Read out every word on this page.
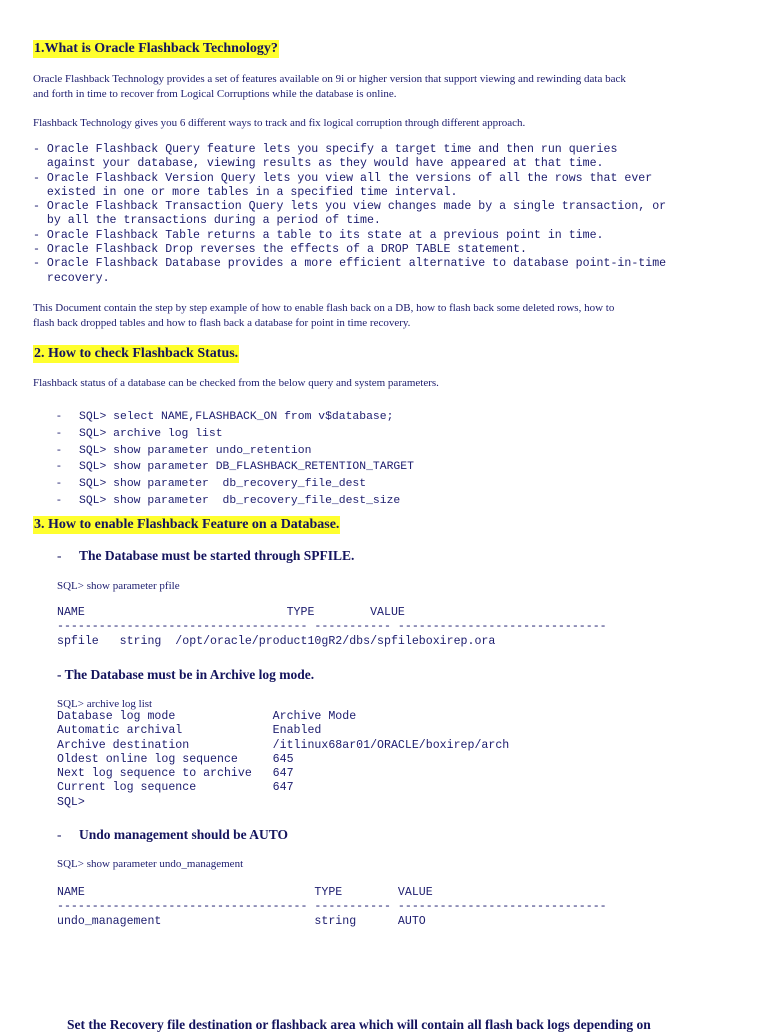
1.What is Oracle Flashback Technology?
Oracle Flashback Technology provides a set of features available on 9i or higher version that support viewing and rewinding data back
and forth in time to recover from Logical Corruptions while the database is online.
Flashback Technology gives you 6 different ways to track and fix logical corruption through different approach.
- Oracle Flashback Query feature lets you specify a target time and then run queries
against your database, viewing results as they would have appeared at that time.
- Oracle Flashback Version Query lets you view all the versions of all the rows that ever
existed in one or more tables in a specified time interval.
- Oracle Flashback Transaction Query lets you view changes made by a single transaction, or
by all the transactions during a period of time.
- Oracle Flashback Table returns a table to its state at a previous point in time.
- Oracle Flashback Drop reverses the effects of a DROP TABLE statement.
- Oracle Flashback Database provides a more efficient alternative to database point-in-time
recovery.
This Document contain the step by step example of how to enable flash back on a DB, how to flash back some deleted rows, how to
flash back dropped tables and how to flash back a database for point in time recovery.
2. How to check Flashback Status.
Flashback status of a database can be checked from the below query and system parameters.
- SQL> select NAME,FLASHBACK_ON from v$database;
- SQL> archive log list
- SQL> show parameter undo_retention
- SQL> show parameter DB_FLASHBACK_RETENTION_TARGET
- SQL> show parameter  db_recovery_file_dest
- SQL> show parameter  db_recovery_file_dest_size
3. How to enable Flashback Feature on a Database.
- The Database must be started through SPFILE.
SQL> show parameter pfile
NAME                             TYPE        VALUE
------------------------------------ ----------- ------------------------------
spfile   string  /opt/oracle/product10gR2/dbs/spfileboxirep.ora
- The Database must be in Archive log mode.
SQL> archive log list
Database log mode              Archive Mode
Automatic archival             Enabled
Archive destination            /itlinux68ar01/ORACLE/boxirep/arch
Oldest online log sequence     645
Next log sequence to archive   647
Current log sequence           647
SQL>
- Undo management should be AUTO
SQL> show parameter undo_management
NAME                                 TYPE        VALUE
------------------------------------ ----------- ------------------------------
undo_management                      string      AUTO
Set the Recovery file destination or flashback area which will contain all flash back logs depending on
